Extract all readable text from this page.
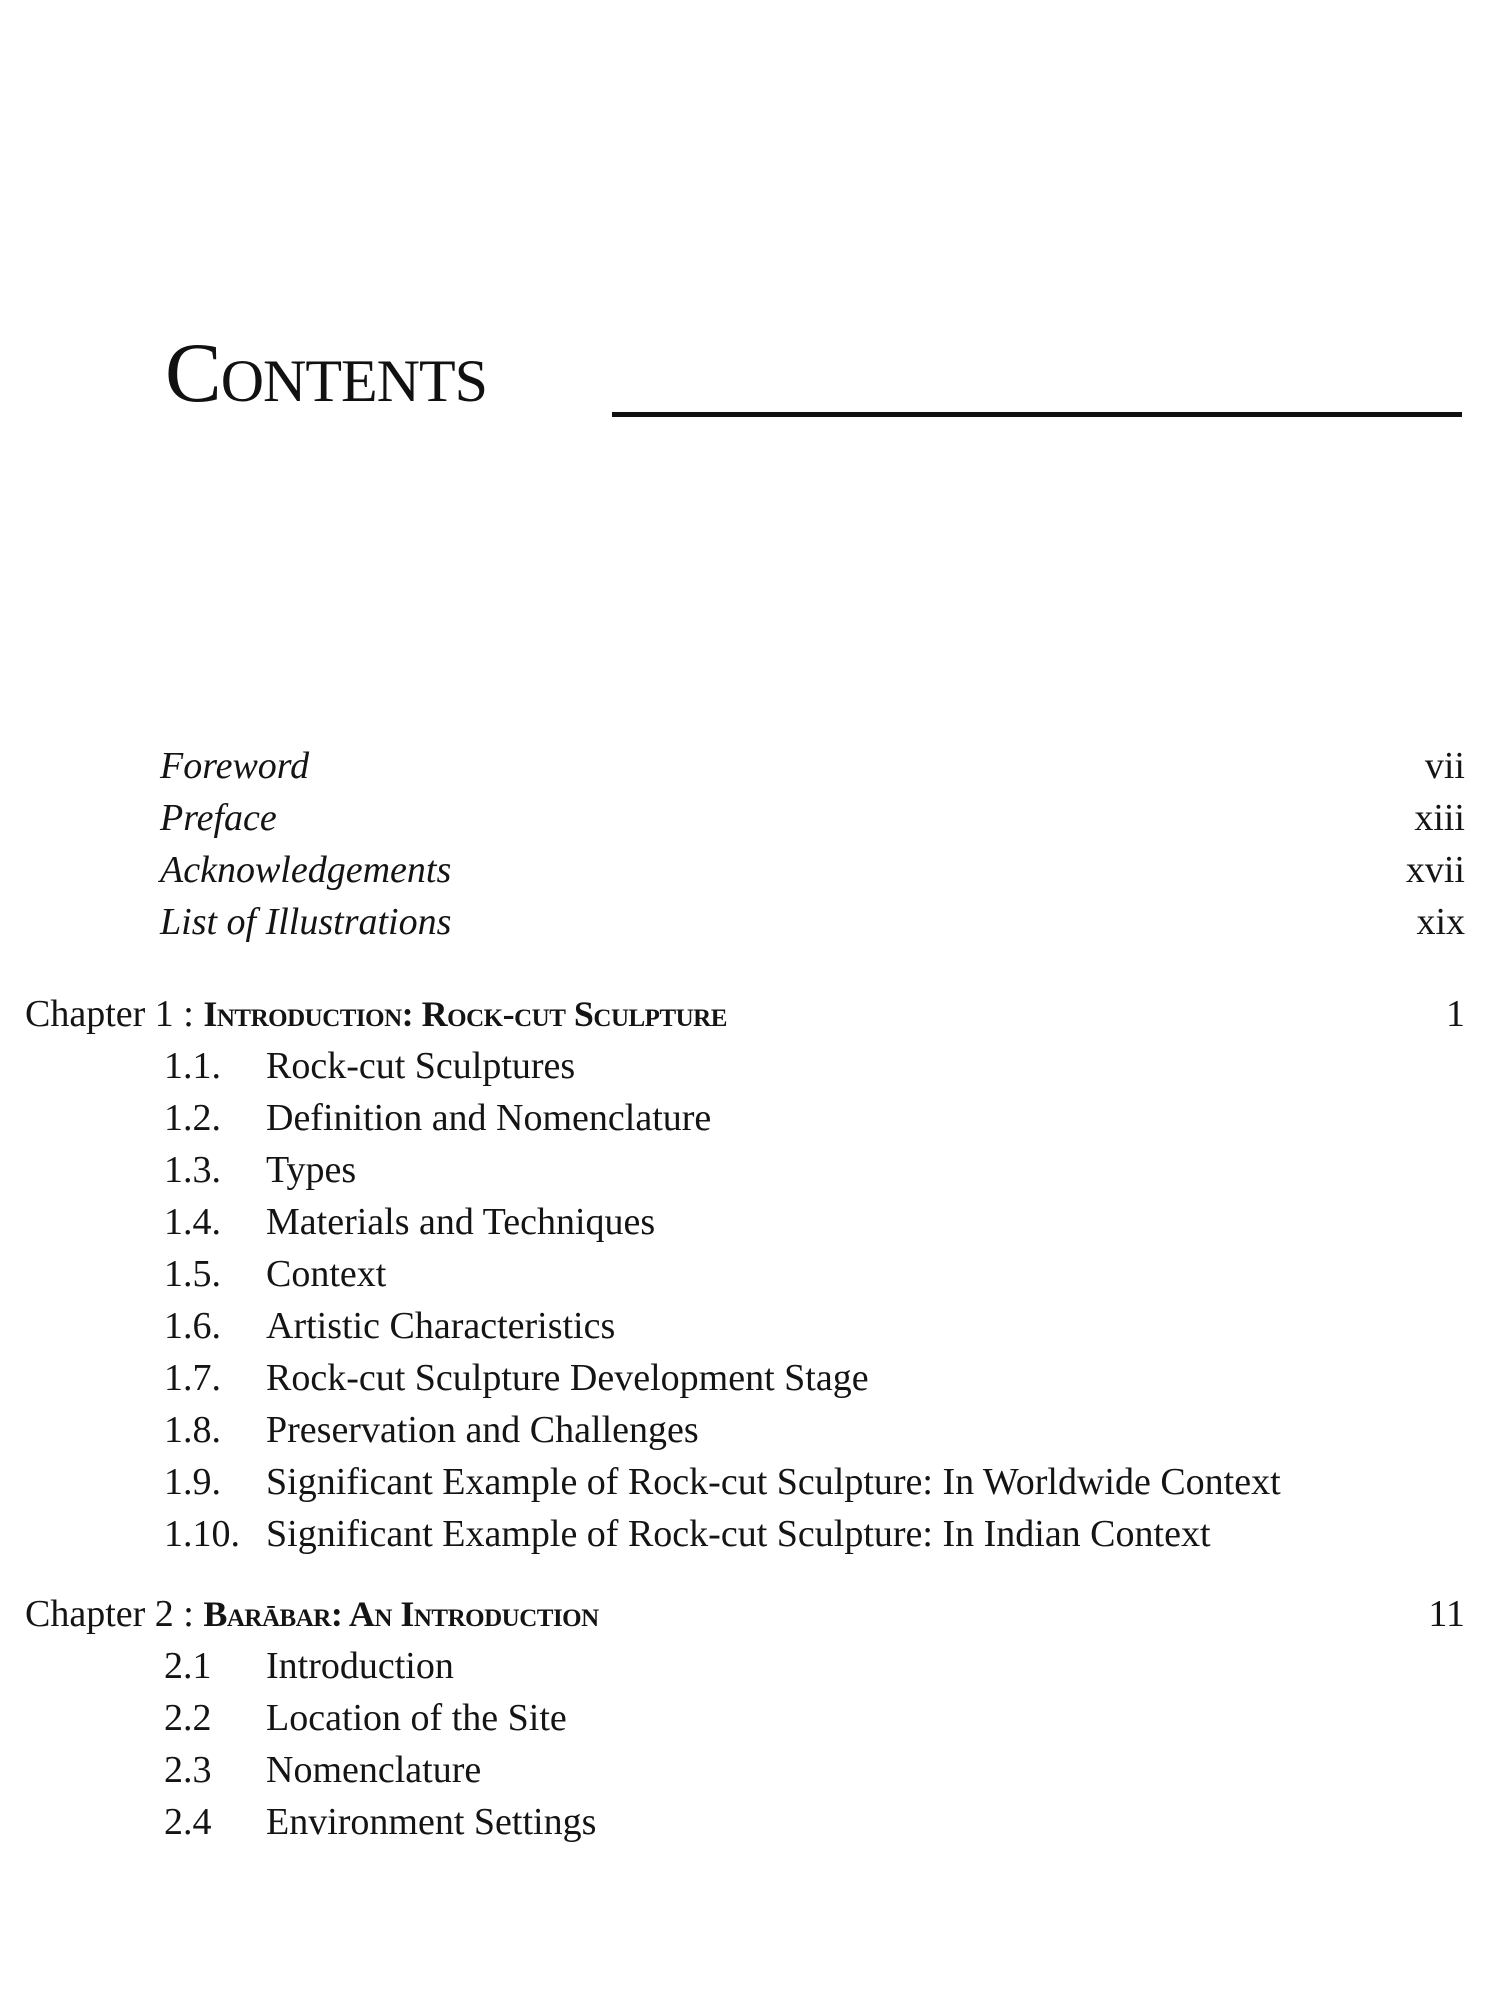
Contents
Foreword	vii
Preface	xiii
Acknowledgements	xvii
List of Illustrations	xix
Chapter 1 : Introduction: Rock-cut Sculpture	1
1.1. Rock-cut Sculptures
1.2. Definition and Nomenclature
1.3. Types
1.4. Materials and Techniques
1.5. Context
1.6. Artistic Characteristics
1.7. Rock-cut Sculpture Development Stage
1.8. Preservation and Challenges
1.9. Significant Example of Rock-cut Sculpture: In Worldwide Context
1.10. Significant Example of Rock-cut Sculpture: In Indian Context
Chapter 2 : Barābar: An Introduction	11
2.1 Introduction
2.2 Location of the Site
2.3 Nomenclature
2.4 Environment Settings
